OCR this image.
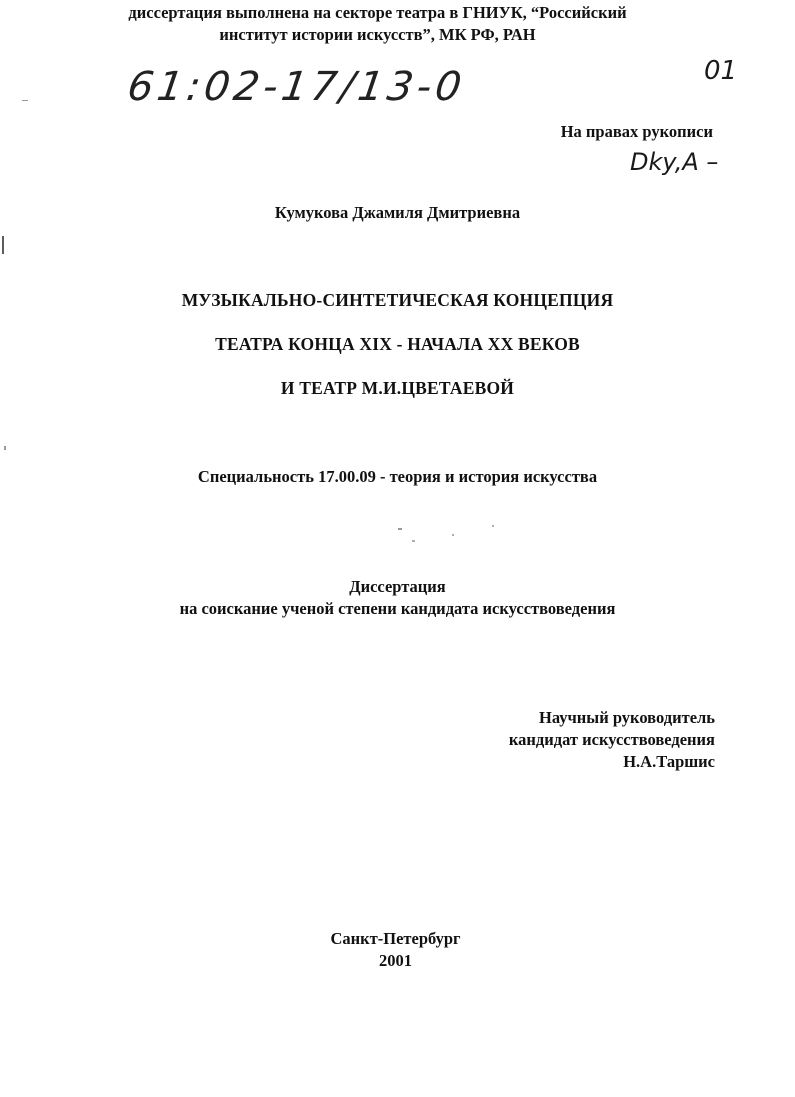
диссертация выполнена на секторе театра в ГНИУК, “Российский
институт истории искусств”, МК РФ, РАН
61:02-17/13-0	01
На правах рукописи
Dky,A –
Кумукова Джамиля Дмитриевна
МУЗЫКАЛЬНО-СИНТЕТИЧЕСКАЯ КОНЦЕПЦИЯ
ТЕАТРА КОНЦА XIX - НАЧАЛА XX ВЕКОВ
И ТЕАТР М.И.ЦВЕТАЕВОЙ
Специальность 17.00.09 - теория и история искусства
Диссертация
на соискание ученой степени кандидата искусствоведения
Научный руководитель
кандидат искусствоведения
Н.А.Таршис
Санкт-Петербург
2001
